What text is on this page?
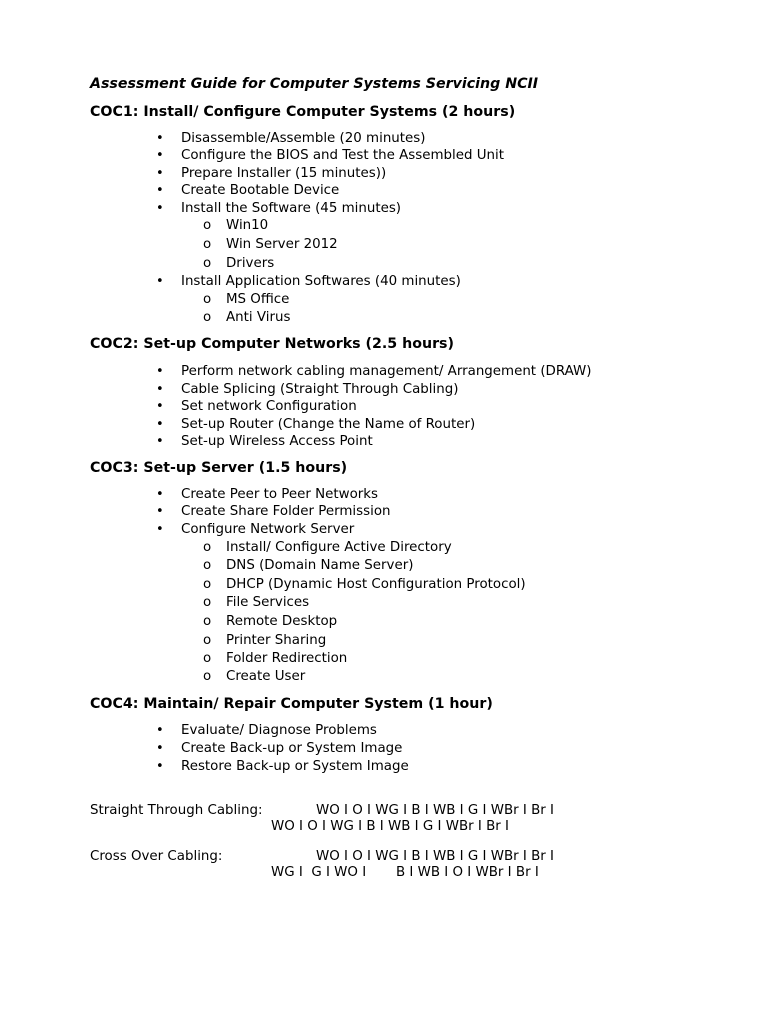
Assessment Guide for Computer Systems Servicing NCII
COC1: Install/ Configure Computer Systems (2 hours)
• Disassemble/Assemble (20 minutes)
• Configure the BIOS and Test the Assembled Unit
• Prepare Installer (15 minutes))
• Create Bootable Device
• Install the Software (45 minutes)
o Win10
o Win Server 2012
o Drivers
• Install Application Softwares (40 minutes)
o MS Office
o Anti Virus
COC2: Set-up Computer Networks (2.5 hours)
• Perform network cabling management/ Arrangement (DRAW)
• Cable Splicing (Straight Through Cabling)
• Set network Configuration
• Set-up Router (Change the Name of Router)
• Set-up Wireless Access Point
COC3: Set-up Server (1.5 hours)
• Create Peer to Peer Networks
• Create Share Folder Permission
• Configure Network Server
o Install/ Configure Active Directory
o DNS (Domain Name Server)
o DHCP (Dynamic Host Configuration Protocol)
o File Services
o Remote Desktop
o Printer Sharing
o Folder Redirection
o Create User
COC4: Maintain/ Repair Computer System (1 hour)
• Evaluate/ Diagnose Problems
• Create Back-up or System Image
• Restore Back-up or System Image
Straight Through Cabling:	WO I O I WG I B I WB I G I WBr I Br I
WO I O I WG I B I WB I G I WBr I Br I
Cross Over Cabling:	WO I O I WG I B I WB I G I WBr I Br I
WG I  G I WO I       B I WB I O I WBr I Br I
